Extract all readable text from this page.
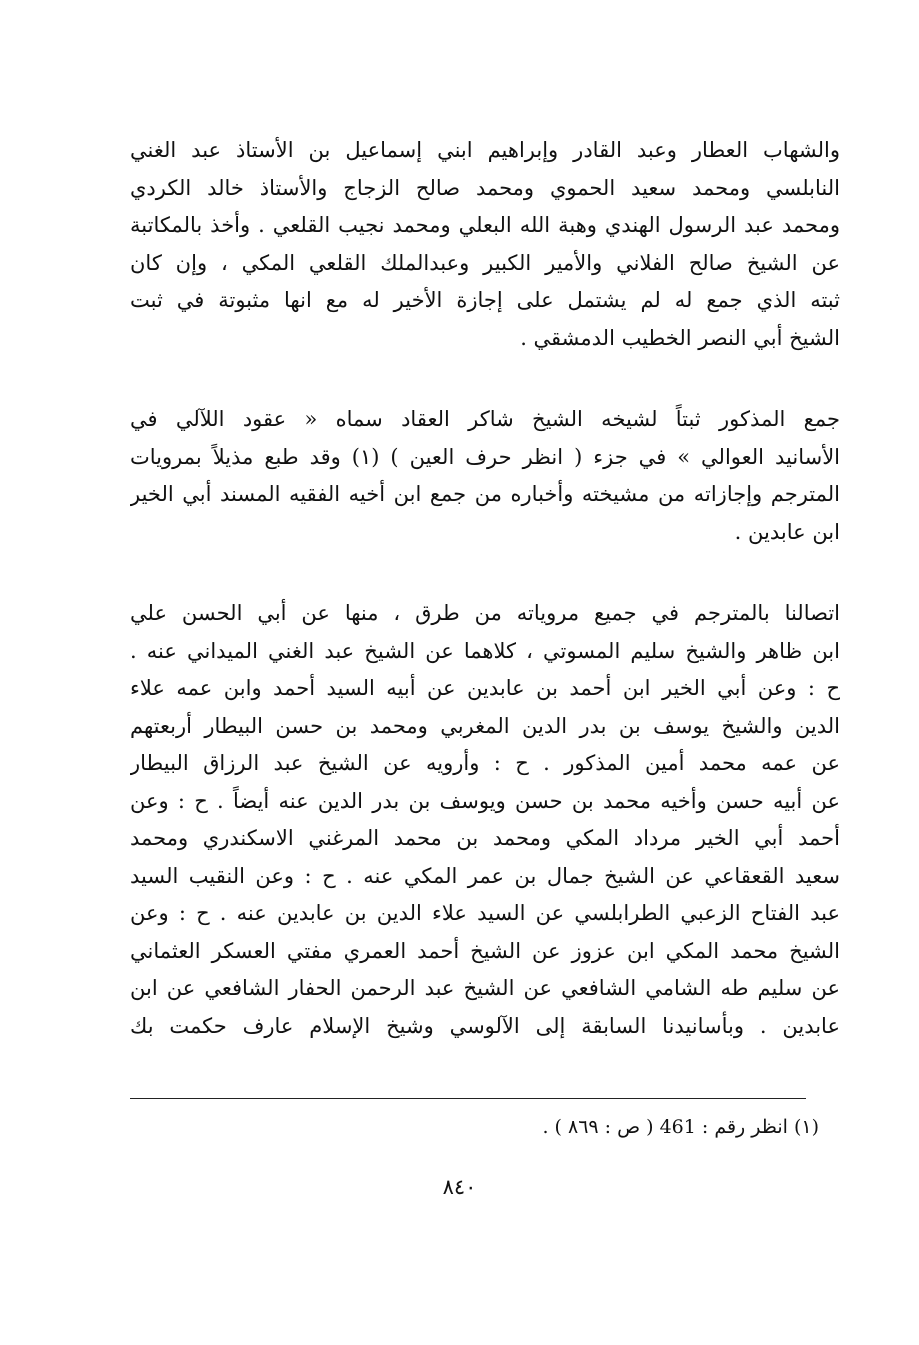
والشهاب العطار وعبد القادر وإبراهيم ابني إسماعيل بن الأستاذ عبد الغني
النابلسي ومحمد سعيد الحموي ومحمد صالح الزجاج والأستاذ خالد الكردي
ومحمد عبد الرسول الهندي وهبة الله البعلي ومحمد نجيب القلعي . وأخذ بالمكاتبة
عن الشيخ صالح الفلاني والأمير الكبير وعبدالملك القلعي المكي ، وإن كان
ثبته الذي جمع له لم يشتمل على إجازة الأخير له مع انها مثبوتة في ثبت
الشيخ أبي النصر الخطيب الدمشقي .
جمع المذكور ثبتاً لشيخه الشيخ شاكر العقاد سماه « عقود اللآلي في
الأسانيد العوالي » في جزء ( انظر حرف العين ) (١) وقد طبع مذيلاً بمرويات
المترجم وإجازاته من مشيخته وأخباره من جمع ابن أخيه الفقيه المسند أبي الخير
ابن عابدين .
اتصالنا بالمترجم في جميع مروياته من طرق ، منها عن أبي الحسن علي
ابن ظاهر والشيخ سليم المسوتي ، كلاهما عن الشيخ عبد الغني الميداني عنه .
ح : وعن أبي الخير ابن أحمد بن عابدين عن أبيه السيد أحمد وابن عمه علاء
الدين والشيخ يوسف بن بدر الدين المغربي ومحمد بن حسن البيطار أربعتهم
عن عمه محمد أمين المذكور . ح : وأرويه عن الشيخ عبد الرزاق البيطار
عن أبيه حسن وأخيه محمد بن حسن ويوسف بن بدر الدين عنه أيضاً . ح : وعن
أحمد أبي الخير مرداد المكي ومحمد بن محمد المرغني الاسكندري ومحمد
سعيد القعقاعي عن الشيخ جمال بن عمر المكي عنه . ح : وعن النقيب السيد
عبد الفتاح الزعبي الطرابلسي عن السيد علاء الدين بن عابدين عنه . ح : وعن
الشيخ محمد المكي ابن عزوز عن الشيخ أحمد العمري مفتي العسكر العثماني
عن سليم طه الشامي الشافعي عن الشيخ عبد الرحمن الحفار الشافعي عن ابن
عابدين . وبأسانيدنا السابقة إلى الآلوسي وشيخ الإسلام عارف حكمت بك
(١) انظر رقم : 461 ( ص : ٨٦٩ ) .
٨٤٠
